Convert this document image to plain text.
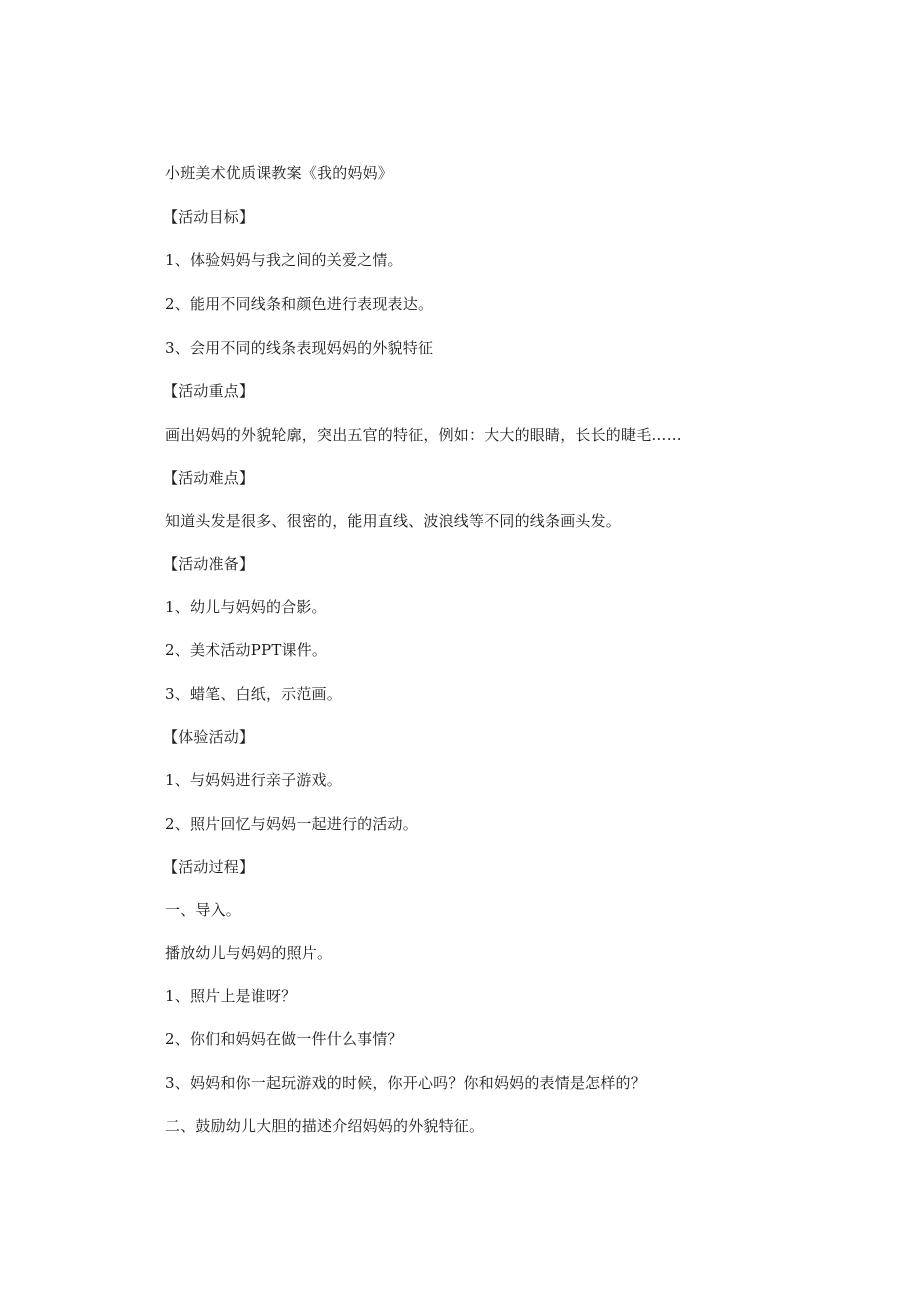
小班美术优质课教案《我的妈妈》
【活动目标】
1、体验妈妈与我之间的关爱之情。
2、能用不同线条和颜色进行表现表达。
3、会用不同的线条表现妈妈的外貌特征
【活动重点】
画出妈妈的外貌轮廓，突出五官的特征，例如：大大的眼睛，长长的睫毛……
【活动难点】
知道头发是很多、很密的，能用直线、波浪线等不同的线条画头发。
【活动准备】
1、幼儿与妈妈的合影。
2、美术活动PPT课件。
3、蜡笔、白纸，示范画。
【体验活动】
1、与妈妈进行亲子游戏。
2、照片回忆与妈妈一起进行的活动。
【活动过程】
一、导入。
播放幼儿与妈妈的照片。
1、照片上是谁呀？
2、你们和妈妈在做一件什么事情？
3、妈妈和你一起玩游戏的时候，你开心吗？你和妈妈的表情是怎样的？
二、鼓励幼儿大胆的描述介绍妈妈的外貌特征。
